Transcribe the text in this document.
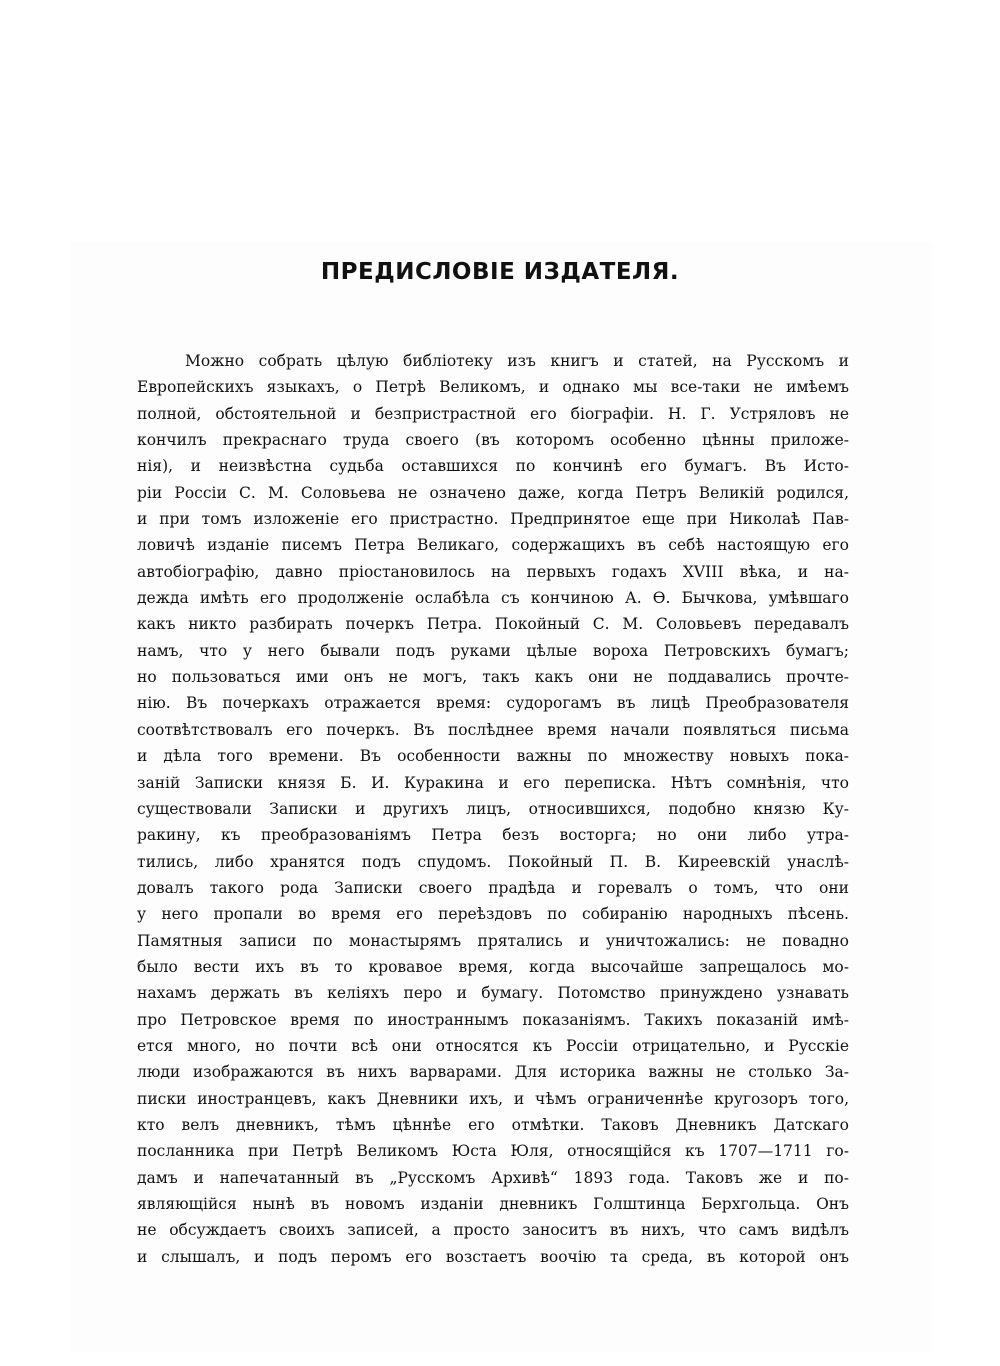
ПРЕДИСЛОВІЕ ИЗДАТЕЛЯ.
Можно собрать цѣлую библіотеку изъ книгъ и статей, на Русскомъ и
Европейскихъ языкахъ, о Петрѣ Великомъ, и однако мы все-таки не имѣемъ
полной, обстоятельной и безпристрастной его біографіи. Н. Г. Устряловъ не
кончилъ прекраснаго труда своего (въ которомъ особенно цѣнны приложе-
нія), и неизвѣстна судьба оставшихся по кончинѣ его бумагъ. Въ Исто-
ріи Россіи С. М. Соловьева не означено даже, когда Петръ Великій родился,
и при томъ изложеніе его пристрастно. Предпринятое еще при Николаѣ Пав-
ловичѣ изданіе писемъ Петра Великаго, содержащихъ въ себѣ настоящую его
автобіографію, давно пріостановилось на первыхъ годахъ XVIII вѣка, и на-
дежда имѣть его продолженіе ослабѣла съ кончиною А. Ѳ. Бычкова, умѣвшаго
какъ никто разбирать почеркъ Петра. Покойный С. М. Соловьевъ передавалъ
намъ, что у него бывали подъ руками цѣлые вороха Петровскихъ бумагъ;
но пользоваться ими онъ не могъ, такъ какъ они не поддавались прочте-
нію. Въ почеркахъ отражается время: судорогамъ въ лицѣ Преобразователя
соотвѣтствовалъ его почеркъ. Въ послѣднее время начали появляться письма
и дѣла того времени. Въ особенности важны по множеству новыхъ пока-
заній Записки князя Б. И. Куракина и его переписка. Нѣтъ сомнѣнія, что
существовали Записки и другихъ лицъ, относившихся, подобно князю Ку-
ракину, къ преобразованіямъ Петра безъ восторга; но они либо утра-
тились, либо хранятся подъ спудомъ. Покойный П. В. Киреевскій унаслѣ-
довалъ такого рода Записки своего прадѣда и горевалъ о томъ, что они
у него пропали во время его переѣздовъ по собиранію народныхъ пѣсень.
Памятныя записи по монастырямъ прятались и уничтожались: не повадно
было вести ихъ въ то кровавое время, когда высочайше запрещалось мо-
нахамъ держать въ келіяхъ перо и бумагу. Потомство принуждено узнавать
про Петровское время по иностраннымъ показаніямъ. Такихъ показаній имѣ-
ется много, но почти всѣ они относятся къ Россіи отрицательно, и Русскіе
люди изображаются въ нихъ варварами. Для историка важны не столько За-
писки иностранцевъ, какъ Дневники ихъ, и чѣмъ ограниченнѣе кругозоръ того,
кто велъ дневникъ, тѣмъ цѣннѣе его отмѣтки. Таковъ Дневникъ Датскаго
посланника при Петрѣ Великомъ Юста Юля, относящійся къ 1707—1711 го-
дамъ и напечатанный въ „Русскомъ Архивѣ“ 1893 года. Таковъ же и по-
являющійся нынѣ въ новомъ изданіи дневникъ Голштинца Берхгольца. Онъ
не обсуждаетъ своихъ записей, а просто заноситъ въ нихъ, что самъ видѣлъ
и слышалъ, и подъ перомъ его возстаетъ воочію та среда, въ которой онъ
